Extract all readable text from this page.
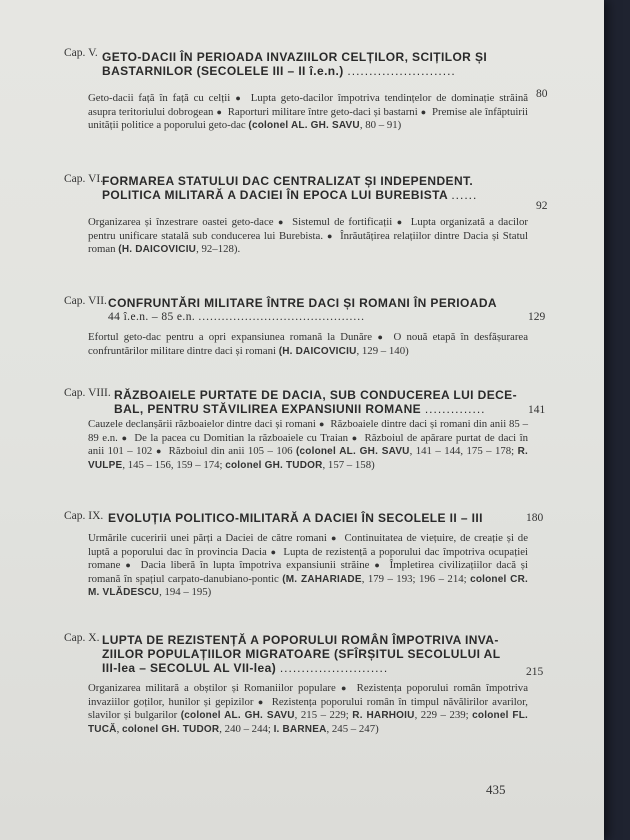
Cap. V. GETO-DACII ÎN PERIOADA INVAZIILOR CELȚILOR, SCIȚILOR ȘI
BASTARNILOR (SECOLELE III – II î.e.n.) .........................
80
Geto-dacii față în față cu celții ● Lupta geto-dacilor împotriva tendințelor de dominație străină asupra teritoriului dobrogean ● Raporturi militare între geto-daci și bastarni ● Premise ale înfăptuirii unității politice a poporului geto-dac (colonel AL. GH. SAVU, 80 – 91)
Cap. VI.
FORMAREA STATULUI DAC CENTRALIZAT ȘI INDEPENDENT.
POLITICA MILITARĂ A DACIEI ÎN EPOCA LUI BUREBISTA ......
92
Organizarea și înzestrare oastei geto-dace ● Sistemul de fortificații ● Lupta organizată a dacilor pentru unificare statală sub conducerea lui Burebista. ● Înrăutățirea relațiilor dintre Dacia și Statul roman (H. DAICOVICIU, 92–128).
Cap. VII. CONFRUNTĂRI MILITARE ÎNTRE DACI ȘI ROMANI ÎN PERIOADA
44 î.e.n. – 85 e.n. ...........................................	129
Efortul geto-dac pentru a opri expansiunea romană la Dunăre ● O nouă etapă în desfășurarea confruntărilor militare dintre daci și romani (H. DAICOVICIU, 129 – 140)
Cap. VIII. RĂZBOAIELE PURTATE DE DACIA, SUB CONDUCEREA LUI DECE-
BAL, PENTRU STĂVILIREA EXPANSIUNII ROMANE ..............	141
Cauzele declanșării războaielor dintre daci și romani ● Războaiele dintre daci și romani din anii 85 – 89 e.n. ● De la pacea cu Domitian la războaiele cu Traian ● Războiul de apărare purtat de daci în anii 101 – 102 ● Războiul din anii 105 – 106 (colonel AL. GH. SAVU, 141 – 144, 175 – 178; R. VULPE, 145 – 156, 159 – 174; colonel GH. TUDOR, 157 – 158)
Cap. IX. EVOLUȚIA POLITICO-MILITARĂ A DACIEI ÎN SECOLELE II – III	180
Urmările cuceririi unei părți a Daciei de către romani ● Continuitatea de viețuire, de creație și de luptă a poporului dac în provincia Dacia ● Lupta de rezistență a poporului dac împotriva ocupației romane ● Dacia liberă în lupta împotriva expansiunii străine ● Împletirea civilizațiilor dacă și romană în spațiul carpato-danubiano-pontic (M. ZAHARIADE, 179 – 193; 196 – 214; colonel CR. M. VLĂDESCU, 194 – 195)
Cap. X. LUPTA DE REZISTENȚĂ A POPORULUI ROMÂN ÎMPOTRIVA INVA-
ZIILOR POPULAȚIILOR MIGRATOARE (SFÎRȘITUL SECOLULUI AL
III-lea – SECOLUL AL VII-lea) .........................	215
Organizarea militară a obștilor și Romaniilor populare ● Rezistența poporului român împotriva invaziilor goților, hunilor și gepizilor ● Rezistența poporului român în timpul năvălirilor avarilor, slavilor și bulgarilor (colonel AL. GH. SAVU, 215 – 229; R. HARHOIU, 229 – 239; colonel FL. TUCĂ, colonel GH. TUDOR, 240 – 244; I. BARNEA, 245 – 247)
435
